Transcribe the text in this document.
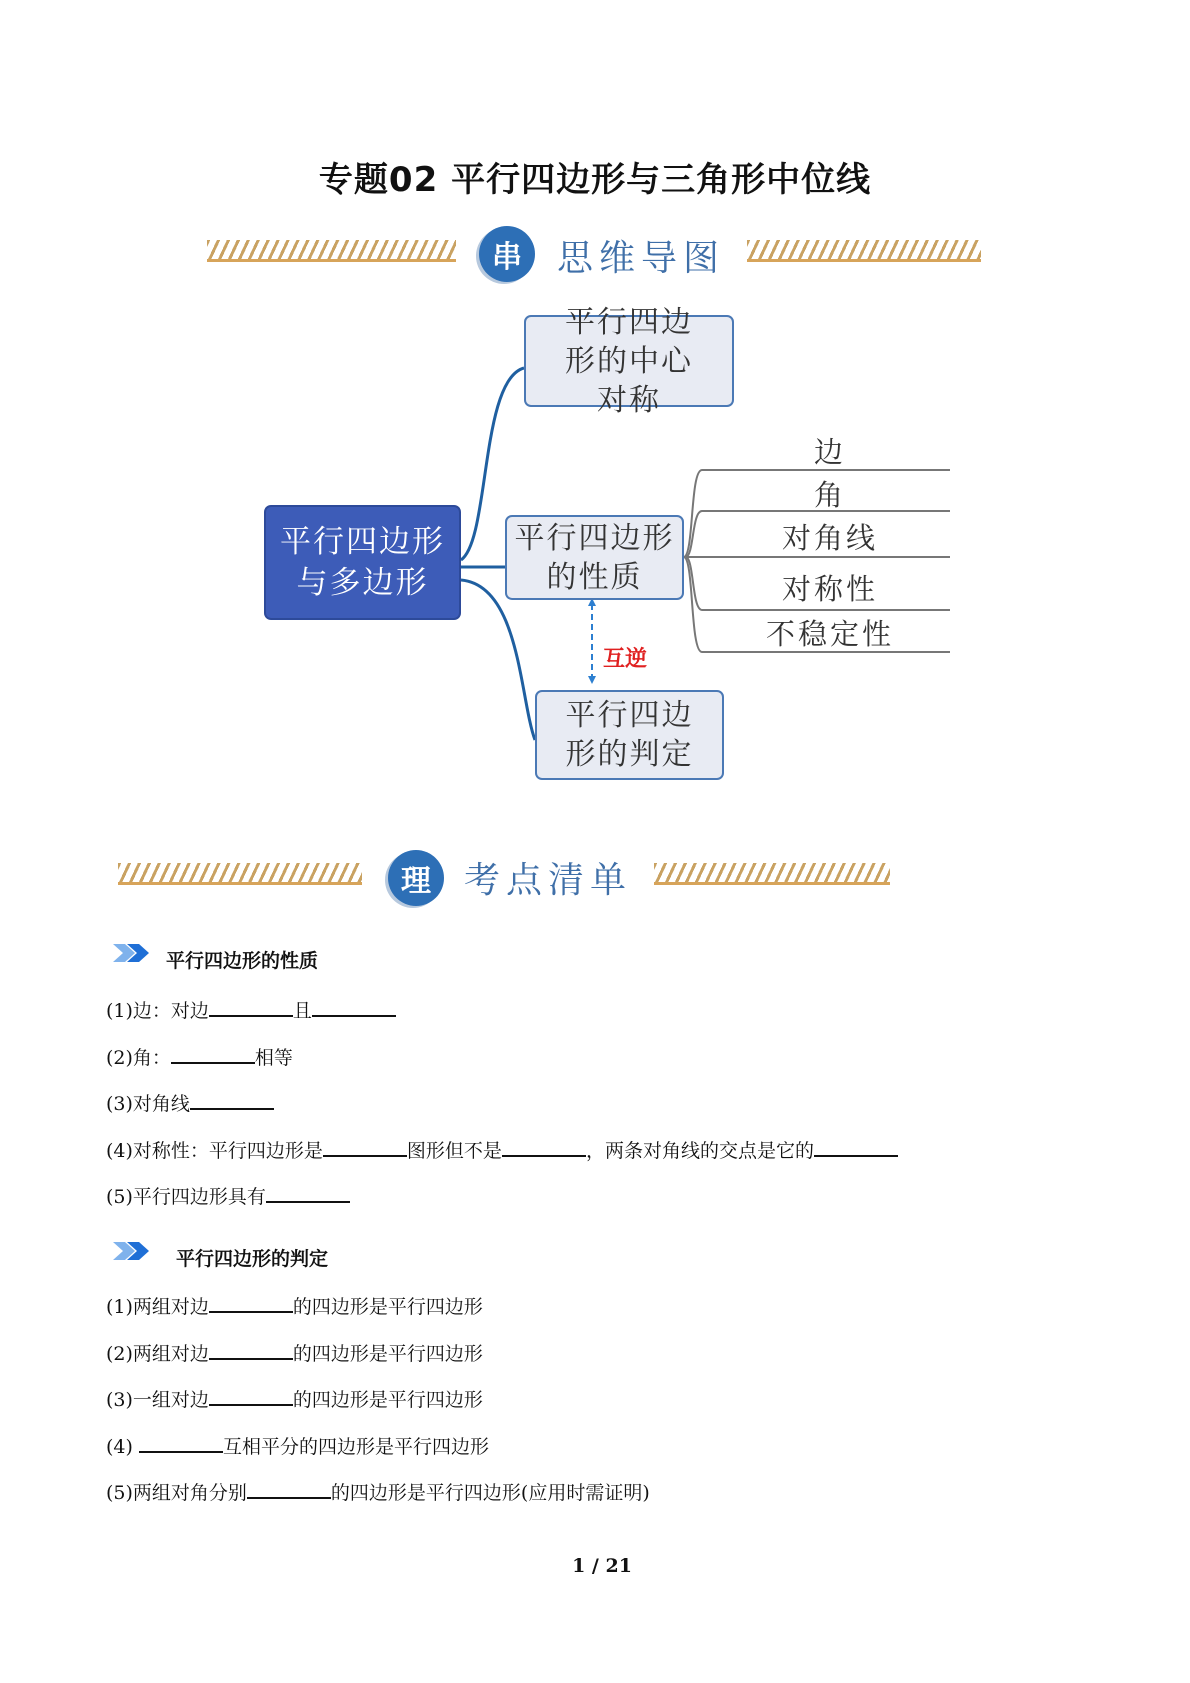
专题02 平行四边形与三角形中位线
串 思维导图
平行四边形与多边形
平行四边形的中心对称
平行四边形的性质
平行四边形的判定
互逆
边
角
对角线
对称性
不稳定性
理 考点清单
平行四边形的性质
(1)边：对边	且
(2)角：	相等
(3)对角线
(4)对称性：平行四边形是	图形但不是	，两条对角线的交点是它的
(5)平行四边形具有
平行四边形的判定
(1)两组对边	的四边形是平行四边形
(2)两组对边	的四边形是平行四边形
(3)一组对边	的四边形是平行四边形
(4)	互相平分的四边形是平行四边形
(5)两组对角分别	的四边形是平行四边形(应用时需证明)
1 / 21
